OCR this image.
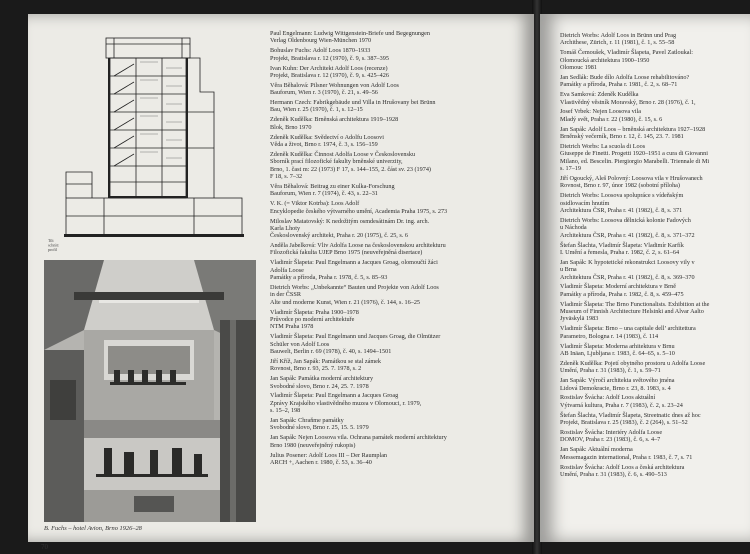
Tilt schnitt profil
B. Fuchs – hotel Avion, Brno 1926–28
70
Paul Engelmann: Ludwig Wittgenstein-Briefe und Begegnungen
Verlag Oldenbourg Wien-München 1970
Bohuslav Fuchs: Adolf Loos 1870–1933
Projekt, Bratislava r. 12 (1970), č. 9, s. 387–395
Ivan Kuhn: Der Architekt Adolf Loos (recenze)
Projekt, Bratislava r. 12 (1970), č. 9, s. 425–426
Věra Běhalová: Pilsner Wohnungen von Adolf Loos
Bauforum, Wien r. 3 (1970), č. 21, s. 49–56
Hermann Czech: Fabrikgebäude und Villa in Hrušovany bei Brünn
Bau, Wien r. 25 (1970), č. 1, s. 12–15
Zdeněk Kudělka: Brněnská architektura 1919–1928
Blok, Brno 1970
Zdeněk Kudělka: Svědectví o Adolfu Loosovi
Věda a život, Brno r. 1974, č. 3, s. 156–159
Zdeněk Kudělka: Činnost Adolfa Loose v Československu
Sborník prací filozofické fakulty brněnské univerzity,
Brno, 1. čast m: 22 (1973) F 17, s. 144–155, 2. část sv. 23 (1974)
F 18, s. 7–32
Věra Běhalová: Beitrag zu einer Kulka-Forschung
Bauforum, Wien r. 7 (1974), č. 43, s. 22–31
V. K. (= Viktor Kotrba): Loos Adolf
Encyklopedie českého výtvarného umění, Academia Praha 1975, s. 273
Miloslav Matatovský: K nedožitým osmdesátinám Dr. ing. arch.
Karla Lhoty
Československý architekt, Praha r. 20 (1975), č. 25, s. 6
Anděla Jabelková: Vliv Adolfa Loose na československou architekturu
Filozofická fakulta UJEP Brno 1975 (neuveřejněná disertace)
Vladimír Šlapeta: Paul Engelmann a Jacques Groag, olomoučtí žáci
Adolfa Loose
Památky a příroda, Praha r. 1978, č. 5, s. 85–93
Dietrich Worbs: „Unbekannte“ Bauten und Projekte von Adolf Loos
in der ČSSR
Alte und moderne Kunst, Wien r. 21 (1976), č. 144, s. 16–25
Vladimír Šlapeta: Praha 1900–1978
Průvodce po moderní architektuře
NTM Praha 1978
Vladimír Šlapeta: Paul Engelmann und Jacques Groag, die Olmützer
Schüler von Adolf Loos
Bauwelt, Berlin r. 69 (1978), č. 40, s. 1494–1501
Jiří Kříž, Jan Sapák: Památkou se stal zámek
Rovnost, Brno r. 93, 25. 7. 1978, s. 2
Jan Sapák: Památka moderní architektury
Svobodné slovo, Brno r. 24, 25. 7. 1978
Vladimír Šlapeta: Paul Engelmann a Jacques Groag
Zprávy Krajského vlastivědného muzea v Olomouci, r. 1979,
s. 15–2, 198
Jan Sapák: Chraňme památky
Svobodné slovo, Brno r. 25, 15. 5. 1979
Jan Sapák: Nejen Loosova vila. Ochrana památek moderní architektury
Brno 1980 (neuveřejněný rukopis)
Julius Posener: Adolf Loos III – Der Raumplan
ARCH +, Aachen r. 1980, č. 53, s. 36–40
Dietrich Worbs: Adolf Loos in Brünn und Prag
Archithese, Zürich, r. 11 (1981), č. 1, s. 55–58
Tomáš Čemoušek, Vladimír Šlapeta, Pavel Zatloukal:
Olomoucká architektura 1900–1950
Olomouc 1981
Jan Sedlák: Bude dílo Adolfa Loose rehabilitováno?
Památky a příroda, Praha r. 1981, č. 2, s. 68–71
Eva Samková: Zdeněk Kudělka
Vlastivědný věstník Moravský, Brno r. 28 (1976), č. 1,
Josef Vrbek: Nejen Loosova vila
Mladý svět, Praha r. 22 (1980), č. 15, s. 6
Jan Sapák: Adolf Loos – brněnská architektura 1927–1928
Brněnský večerník, Brno r. 12, č. 145, 23. 7. 1981
Dietrich Worbs: La scuola di Loos
Giuseppe de Finetti. Progetti 1920–1951 a cura di Giovanni
Milano, ed. Bescelin. Piergiorgio Marabelli. Triennale di Mi
s. 17–19
Jiří Ogoucký, Aleš Polovný: Loosova vila v Hrušovanech
Rovnost, Brno r. 97, únor 1982 (sobotní příloha)
Dietrich Worbs: Loosova spolupráce s vídeňským
osidlovacím hnutím
Architektura ČSR, Praha r. 41 (1982), č. 8, s. 371
Dietrich Worbs: Loosova dělnická kolonie Fadových
u Náchoda
Architektura ČSR, Praha r. 41 (1982), č. 8, s. 371–372
Štefan Šlachta, Vladimír Šlapeta: Vladimír Karfík
I. Umění a řemesla, Praha r. 1982, č. 2, s. 61–64
Jan Sapák: K hypotetické rekonstrukci Loosovy vily v
u Brna
Architektura ČSR, Praha r. 41 (1982), č. 8, s. 369–370
Vladimír Šlapeta: Moderní architektura v Brně
Památky a příroda, Praha r. 1982, č. 8, s. 459–475
Vladimír Šlapeta: The Brno Functionalists. Exhibition at the
Museum of Finnish Architecture Helsinki and Alvar Aalto
Jyväskylä 1983
Vladimír Šlapeta: Brno – una capitale dell’ architettura
Parametro, Bologna r. 14 (1983), č. 114
Vladimír Šlapeta: Moderna arhitektura v Brnu
AB Ināan, Ljubljana r. 1983, č. 64–65, s. 5–10
Zdeněk Kudělka: Pojetí obytného prostoru u Adolfa Loose
Umění, Praha r. 31 (1983), č. 1, s. 59–71
Jan Sapák: Výročí architekta světového jména
Lidová Demokracie, Brno r. 23, 8. 1983, s. 4
Rostislav Švácha: Adolf Loos aktuální
Výtvarná kultura, Praha r. 7 (1983), č. 2, s. 23–24
Štefan Šlachta, Vladimír Šlapeta, Streetnatic dnes až hoc
Projekt, Bratislava r. 25 (1983), č. 2 (264), s. 51–52
Rostislav Švácha: Interiéry Adolfa Loose
DOMOV, Praha r. 23 (1983), č. 6, s. 4–7
Jan Sapák: Aktuální moderna
Messemagazin international, Praha r. 1983, č. 7, s. 71
Rostislav Švácha: Adolf Loos a česká architektura
Umění, Praha r. 31 (1983), č. 6, s. 490–513
